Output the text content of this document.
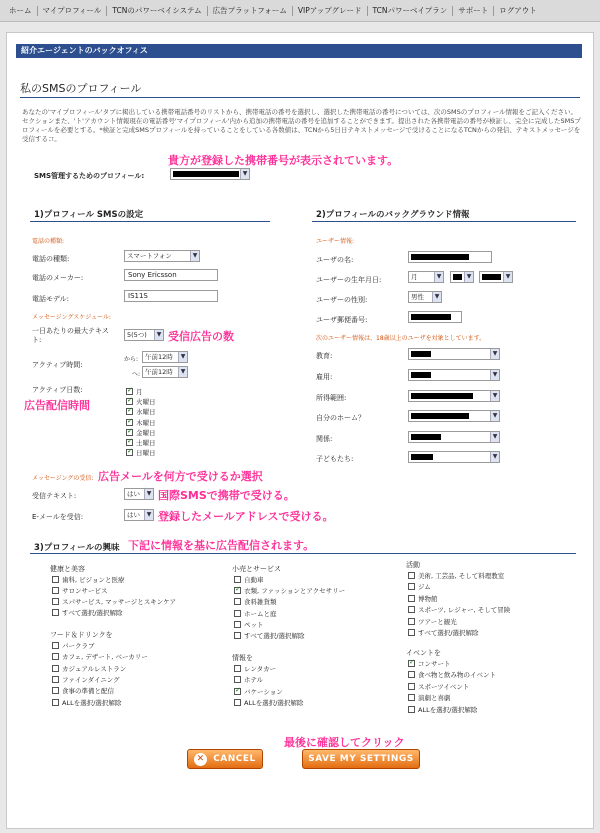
ホーム	マイプロフィール	TCNのパワーベイシステム	広告プラットフォーム	VIPアップグレード	TCNパワーベイプラン	サポート	ログアウト
紹介エージェントのバックオフィス
私のSMSのプロフィール
あなたの'マイプロフィール'タブに掲出している携帯電話番号のリストから、携帯電話の番号を選択し、選択した携帯電話の番号については、次のSMSのプロフィール情報をご記入ください。セクションまた、'ト'アカウント情報現在の電話番号'マイプロフィール'内から追加の携帯電話の番号を追加することができます。提出された各携帯電話の番号が検証し、完全に完成したSMSプロフィールを必要とする。*検証と完成SMSプロフィールを持っていることをしている各数値は、TCNから5日日テキストメッセージで受けることになるTCNからの発信、テキストメッセージを受信するコ。
貴方が登録した携帯番号が表示されています。
SMS管理するためのプロフィール:	▼
1)プロフィール SMSの設定
電話の種類:
電話の種類:	スマートフォン	▼
電話のメーカー:	Sony Ericsson
電話モデル:	IS11S
メッセージングスケジュール:
一日あたりの最大テキスト:
5(5つ)	▼ 受信広告の数
アクティブ時間:
から:	午前12時	▼
へ: 午前12時	▼
アクティブ日数:
広告配信時間
✓
月
✓
火曜日
✓
水曜日
✓
木曜日
✓
金曜日
✓
土曜日
✓
日曜日
メッセージングの受信: 広告メールを何方で受けるか選択
受信テキスト:	はい	▼ 国際SMSで携帯で受ける。
E-メールを受信:	はい	▼ 登録したメールアドレスで受ける。
2)プロフィールのバックグラウンド情報
ユーザー情報:
ユーザの名:
ユーザーの生年月日:	月	▼	▼	▼
ユーザーの性別:	男性	▼
ユーザ郵便番号:
次のユーザー情報は、18歳以上のユーザを対象としています。
教育:	▼
雇用:	▼
所得範囲:	▼
自分のホーム？	▼
関係:	▼
子どもたち:	▼
3)プロフィールの興味 下記に情報を基に広告配信されます。
健康と美容
歯科, ビジョンと医療
サロンサービス
スパサービス, マッサージとスキンケア
すべて選択/選択解除
フード＆ドリンクを
バークラブ
カフェ, デザート, ベーカリー
カジュアルレストラン
ファインダイニング
食事の準備と配信
ALLを選択/選択解除
小売とサービス
自動車
✓
衣類, ファッションとアクセサリー
食料雑貨類
ホームと庭
ペット
すべて選択/選択解除
情報を
レンタカー
ホテル
✓
バケーション
ALLを選択/選択解除
活動
美術, 工芸品, そして料理教室
ジム
博物館
スポーツ, レジャー, そして冒険
ツアーと観光
すべて選択/選択解除
イベントを
✓
コンサート
食べ物と飲み物のイベント
スポーツイベント
演劇と喜劇
ALLを選択/選択解除
最後に確認してクリック
✕ CANCEL	SAVE MY SETTINGS
